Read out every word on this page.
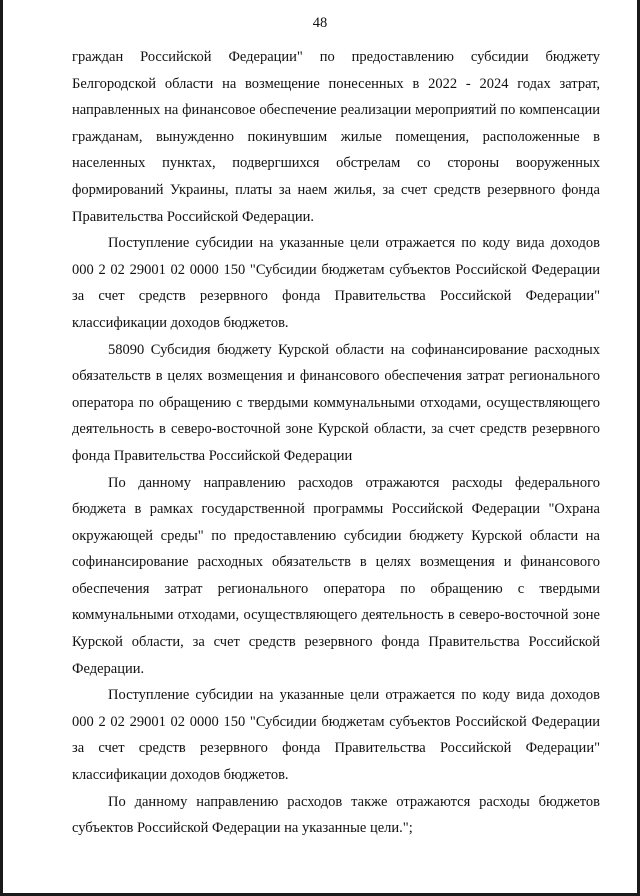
48

граждан Российской Федерации" по предоставлению субсидии бюджету Белгородской области на возмещение понесенных в 2022 - 2024 годах затрат, направленных на финансовое обеспечение реализации мероприятий по компенсации гражданам, вынужденно покинувшим жилые помещения, расположенные в населенных пунктах, подвергшихся обстрелам со стороны вооруженных формирований Украины, платы за наем жилья, за счет средств резервного фонда Правительства Российской Федерации.

Поступление субсидии на указанные цели отражается по коду вида доходов 000 2 02 29001 02 0000 150 "Субсидии бюджетам субъектов Российской Федерации за счет средств резервного фонда Правительства Российской Федерации" классификации доходов бюджетов.

58090 Субсидия бюджету Курской области на софинансирование расходных обязательств в целях возмещения и финансового обеспечения затрат регионального оператора по обращению с твердыми коммунальными отходами, осуществляющего деятельность в северо-восточной зоне Курской области, за счет средств резервного фонда Правительства Российской Федерации

По данному направлению расходов отражаются расходы федерального бюджета в рамках государственной программы Российской Федерации "Охрана окружающей среды" по предоставлению субсидии бюджету Курской области на софинансирование расходных обязательств в целях возмещения и финансового обеспечения затрат регионального оператора по обращению с твердыми коммунальными отходами, осуществляющего деятельность в северо-восточной зоне Курской области, за счет средств резервного фонда Правительства Российской Федерации.

Поступление субсидии на указанные цели отражается по коду вида доходов 000 2 02 29001 02 0000 150 "Субсидии бюджетам субъектов Российской Федерации за счет средств резервного фонда Правительства Российской Федерации" классификации доходов бюджетов.

По данному направлению расходов также отражаются расходы бюджетов субъектов Российской Федерации на указанные цели.";
